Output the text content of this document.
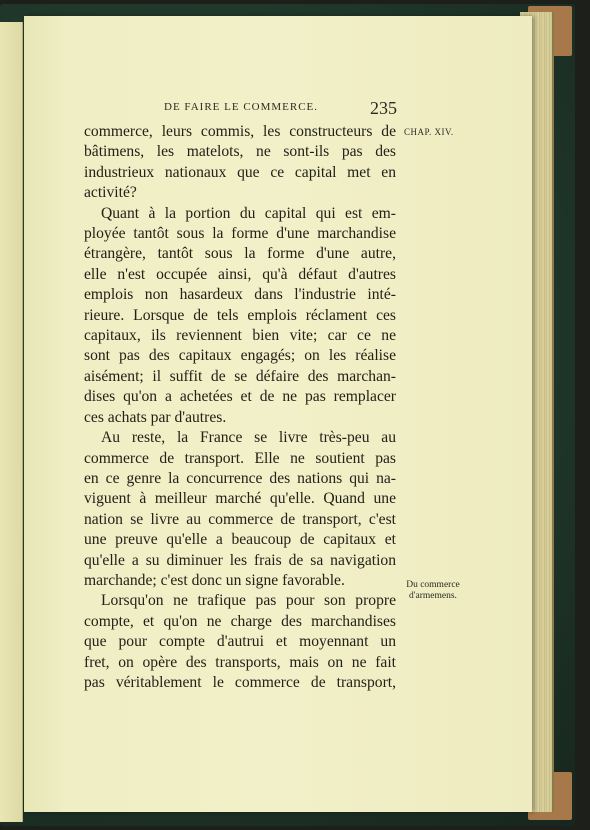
DE FAIRE LE COMMERCE.	235
CHAP. XIV.
Du commerce
d'armemens.
commerce, leurs commis, les constructeurs de
bâtimens, les matelots, ne sont-ils pas des
industrieux nationaux que ce capital met en
activité?
Quant à la portion du capital qui est em-
ployée tantôt sous la forme d'une marchandise
étrangère, tantôt sous la forme d'une autre,
elle n'est occupée ainsi, qu'à défaut d'autres
emplois non hasardeux dans l'industrie inté-
rieure. Lorsque de tels emplois réclament ces
capitaux, ils reviennent bien vite; car ce ne
sont pas des capitaux engagés; on les réalise
aisément; il suffit de se défaire des marchan-
dises qu'on a achetées et de ne pas remplacer
ces achats par d'autres.
Au reste, la France se livre très-peu au
commerce de transport. Elle ne soutient pas
en ce genre la concurrence des nations qui na-
viguent à meilleur marché qu'elle. Quand une
nation se livre au commerce de transport, c'est
une preuve qu'elle a beaucoup de capitaux et
qu'elle a su diminuer les frais de sa navigation
marchande; c'est donc un signe favorable.
Lorsqu'on ne trafique pas pour son propre
compte, et qu'on ne charge des marchandises
que pour compte d'autrui et moyennant un
fret, on opère des transports, mais on ne fait
pas véritablement le commerce de transport,
